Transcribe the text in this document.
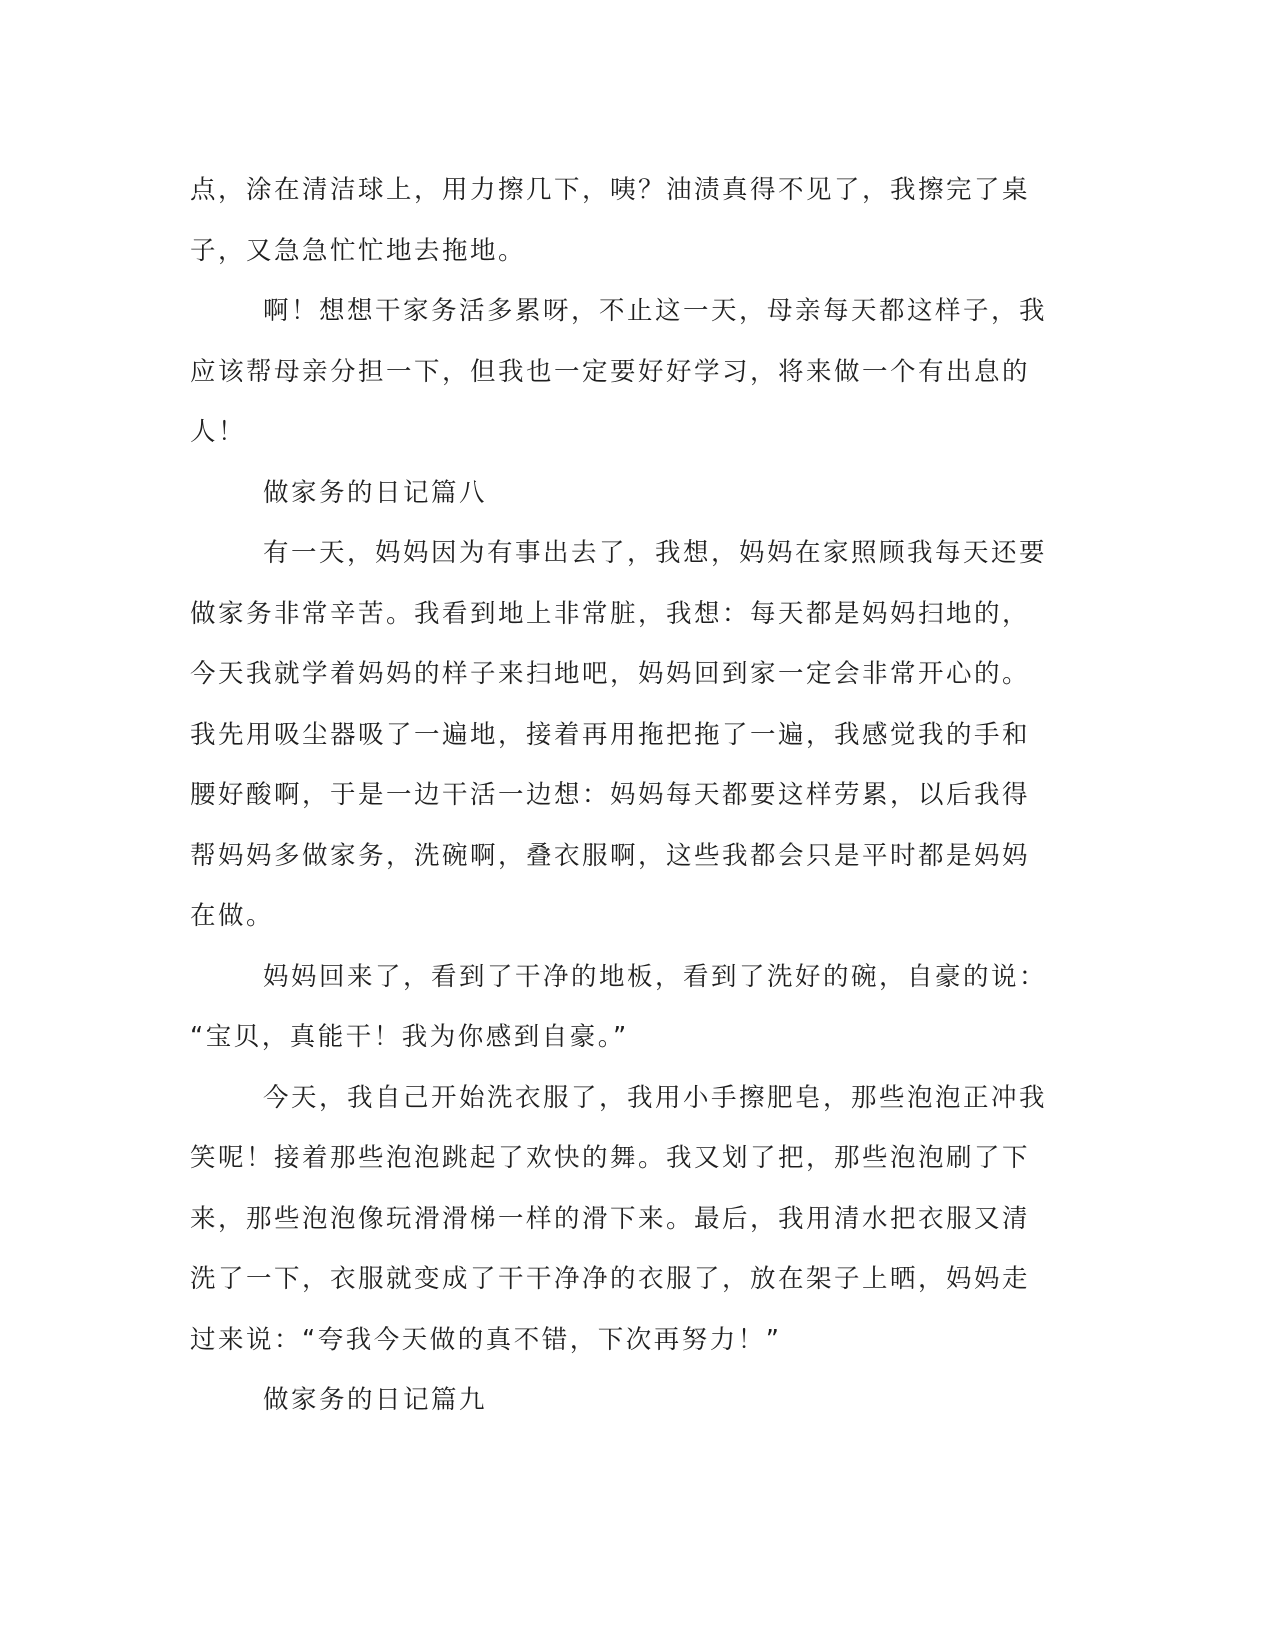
点，涂在清洁球上，用力擦几下，咦？油渍真得不见了，我擦完了桌
子，又急急忙忙地去拖地。
啊！想想干家务活多累呀，不止这一天，母亲每天都这样子，我
应该帮母亲分担一下，但我也一定要好好学习，将来做一个有出息的
人！
做家务的日记篇八
有一天，妈妈因为有事出去了，我想，妈妈在家照顾我每天还要
做家务非常辛苦。我看到地上非常脏，我想：每天都是妈妈扫地的，
今天我就学着妈妈的样子来扫地吧，妈妈回到家一定会非常开心的。
我先用吸尘器吸了一遍地，接着再用拖把拖了一遍，我感觉我的手和
腰好酸啊，于是一边干活一边想：妈妈每天都要这样劳累，以后我得
帮妈妈多做家务，洗碗啊，叠衣服啊，这些我都会只是平时都是妈妈
在做。
妈妈回来了，看到了干净的地板，看到了洗好的碗，自豪的说：
“宝贝，真能干！我为你感到自豪。”
今天，我自己开始洗衣服了，我用小手擦肥皂，那些泡泡正冲我
笑呢！接着那些泡泡跳起了欢快的舞。我又划了把，那些泡泡刷了下
来，那些泡泡像玩滑滑梯一样的滑下来。最后，我用清水把衣服又清
洗了一下，衣服就变成了干干净净的衣服了，放在架子上晒，妈妈走
过来说：“夸我今天做的真不错，下次再努力！”
做家务的日记篇九
